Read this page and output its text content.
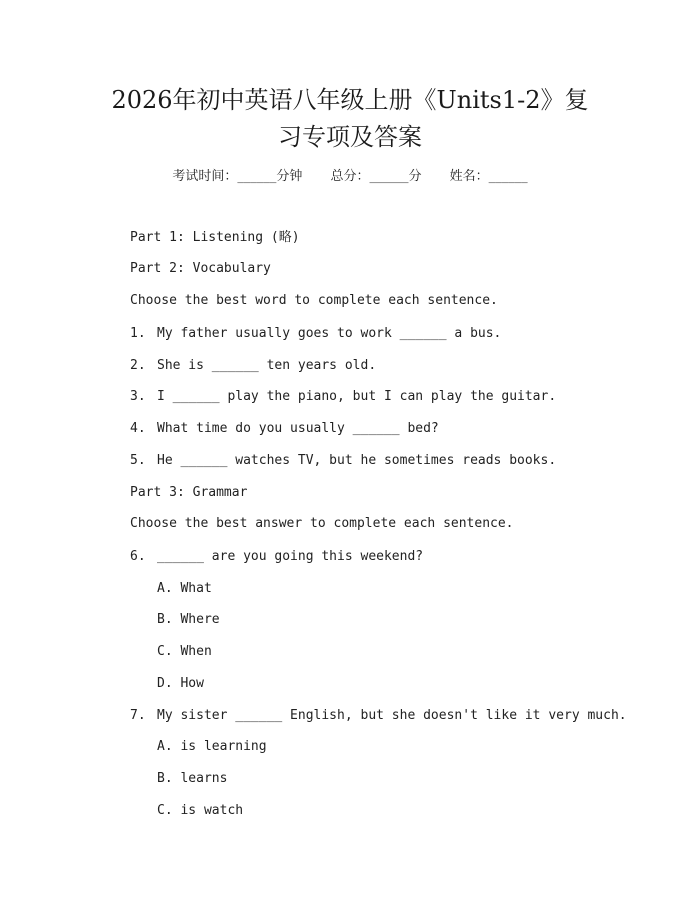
2026年初中英语八年级上册《Units1-2》复
习专项及答案
考试时间：______分钟 总分：______分 姓名：______
Part 1: Listening (略)
Part 2: Vocabulary
Choose the best word to complete each sentence.
1. My father usually goes to work ______ a bus.
2. She is ______ ten years old.
3. I ______ play the piano, but I can play the guitar.
4. What time do you usually ______ bed?
5. He ______ watches TV, but he sometimes reads books.
Part 3: Grammar
Choose the best answer to complete each sentence.
6. ______ are you going this weekend?
A. What
B. Where
C. When
D. How
7. My sister ______ English, but she doesn't like it very much.
A. is learning
B. learns
C. is watch
